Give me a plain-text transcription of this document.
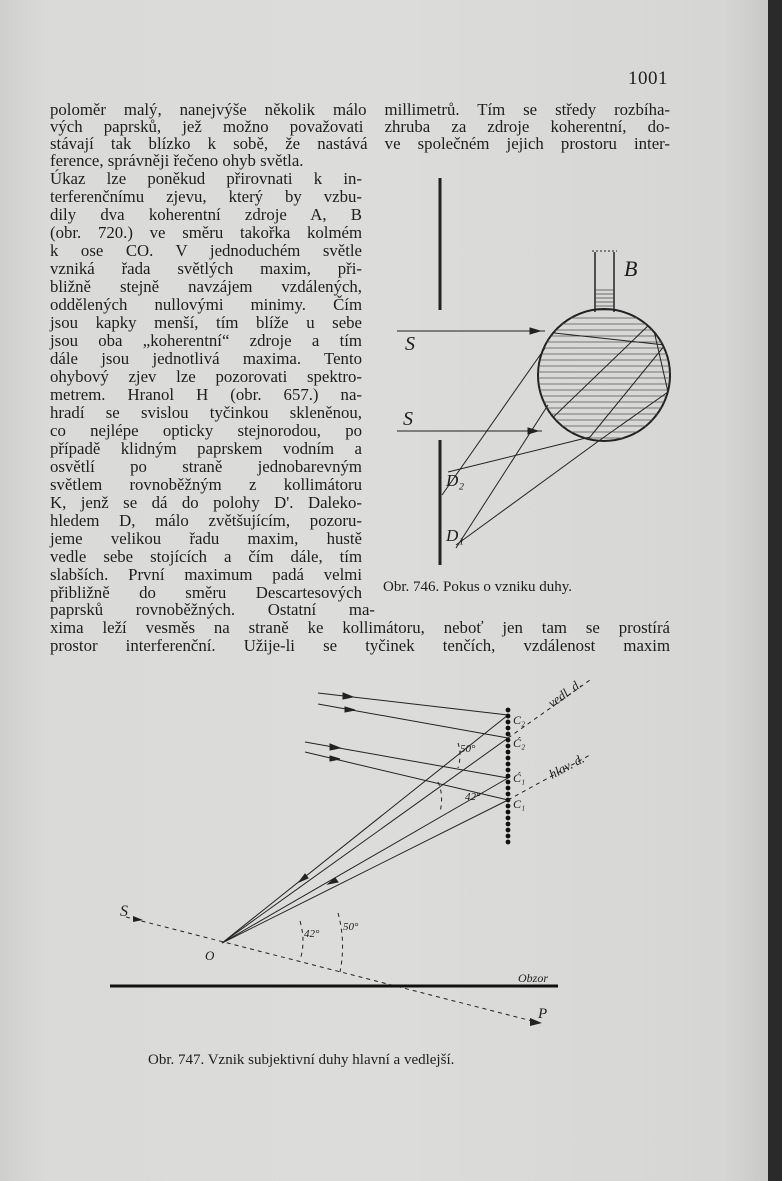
1001
poloměr malý, nanejvýše několik málo millimetrů. Tím se středy rozbíha-
vých paprsků, jež možno považovati zhruba za zdroje koherentní, do-
stávají tak blízko k sobě, že nastává ve společném jejich prostoru inter-
ference, správněji řečeno ohyb světla.
Úkaz lze poněkud přirovnati k in-
terferenčnímu zjevu, který by vzbu-
dily dva koherentní zdroje A, B
(obr. 720.) ve směru takořka kolmém
k ose CO. V jednoduchém světle
vzniká řada světlých maxim, při-
bližně stejně navzájem vzdálených,
oddělených nullovými minimy. Čím
jsou kapky menší, tím blíže u sebe
jsou oba „koherentní“ zdroje a tím
dále jsou jednotlivá maxima. Tento
ohybový zjev lze pozorovati spektro-
metrem. Hranol H (obr. 657.) na-
hradí se svislou tyčinkou skleněnou,
co nejlépe opticky stejnorodou, po
případě klidným paprskem vodním a
osvětlí po straně jednobarevným
světlem rovnoběžným z kollimátoru
K, jenž se dá do polohy D'. Daleko-
hledem D, málo zvětšujícím, pozoru-
jeme velikou řadu maxim, hustě
vedle sebe stojících a čím dále, tím
slabších. První maximum padá velmi
přibližně do směru Descartesových
paprsků rovnoběžných. Ostatní ma-
xima leží vesměs na straně ke kollimátoru, neboť jen tam se prostírá
prostor interferenční. Užije-li se tyčinek tenčích, vzdálenost maxim
B
S
S
D₂
D₁
Obr. 746. Pokus o vzniku duhy.
vedl. d.
hlav. d.
C₂
Ć₂
Ć₁
C₁
50°
42°
42°
50°
S
O
Obzor
P
Obr. 747. Vznik subjektivní duhy hlavní a vedlejší.
